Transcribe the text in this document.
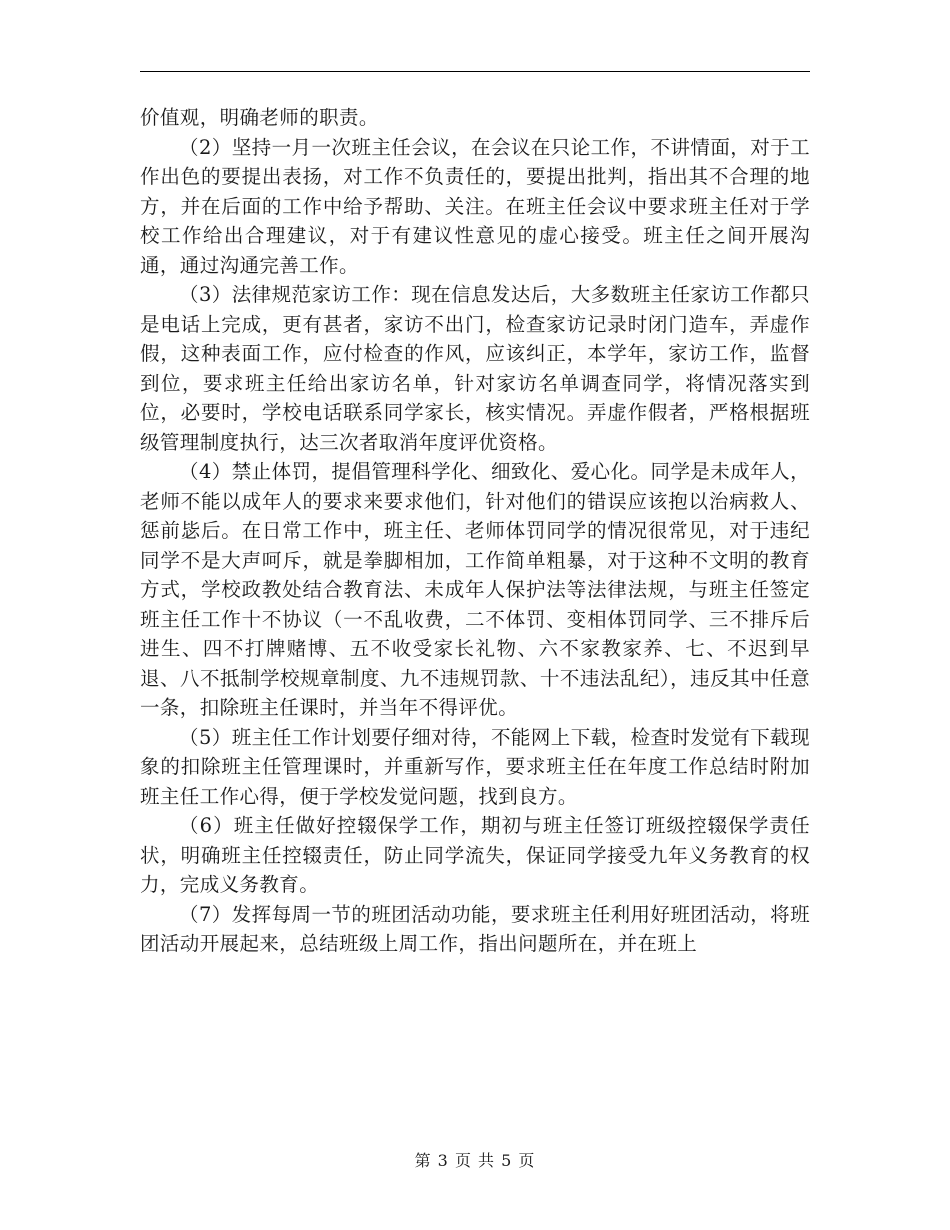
价值观，明确老师的职责。

（2）坚持一月一次班主任会议，在会议在只论工作，不讲情面，对于工作出色的要提出表扬，对工作不负责任的，要提出批判，指出其不合理的地方，并在后面的工作中给予帮助、关注。在班主任会议中要求班主任对于学校工作给出合理建议，对于有建议性意见的虚心接受。班主任之间开展沟通，通过沟通完善工作。

（3）法律规范家访工作：现在信息发达后，大多数班主任家访工作都只是电话上完成，更有甚者，家访不出门，检查家访记录时闭门造车，弄虚作假，这种表面工作，应付检查的作风，应该纠正，本学年，家访工作，监督到位，要求班主任给出家访名单，针对家访名单调查同学，将情况落实到位，必要时，学校电话联系同学家长，核实情况。弄虚作假者，严格根据班级管理制度执行，达三次者取消年度评优资格。

（4）禁止体罚，提倡管理科学化、细致化、爱心化。同学是未成年人，老师不能以成年人的要求来要求他们，针对他们的错误应该抱以治病救人、惩前毖后。在日常工作中，班主任、老师体罚同学的情况很常见，对于违纪同学不是大声呵斥，就是拳脚相加，工作简单粗暴，对于这种不文明的教育方式，学校政教处结合教育法、未成年人保护法等法律法规，与班主任签定班主任工作十不协议（一不乱收费，二不体罚、变相体罚同学、三不排斥后进生、四不打牌赌博、五不收受家长礼物、六不家教家养、七、不迟到早退、八不抵制学校规章制度、九不违规罚款、十不违法乱纪），违反其中任意一条，扣除班主任课时，并当年不得评优。

（5）班主任工作计划要仔细对待，不能网上下载，检查时发觉有下载现象的扣除班主任管理课时，并重新写作，要求班主任在年度工作总结时附加班主任工作心得，便于学校发觉问题，找到良方。

（6）班主任做好控辍保学工作，期初与班主任签订班级控辍保学责任状，明确班主任控辍责任，防止同学流失，保证同学接受九年义务教育的权力，完成义务教育。

（7）发挥每周一节的班团活动功能，要求班主任利用好班团活动，将班团活动开展起来，总结班级上周工作，指出问题所在，并在班上

第 3 页 共 5 页
